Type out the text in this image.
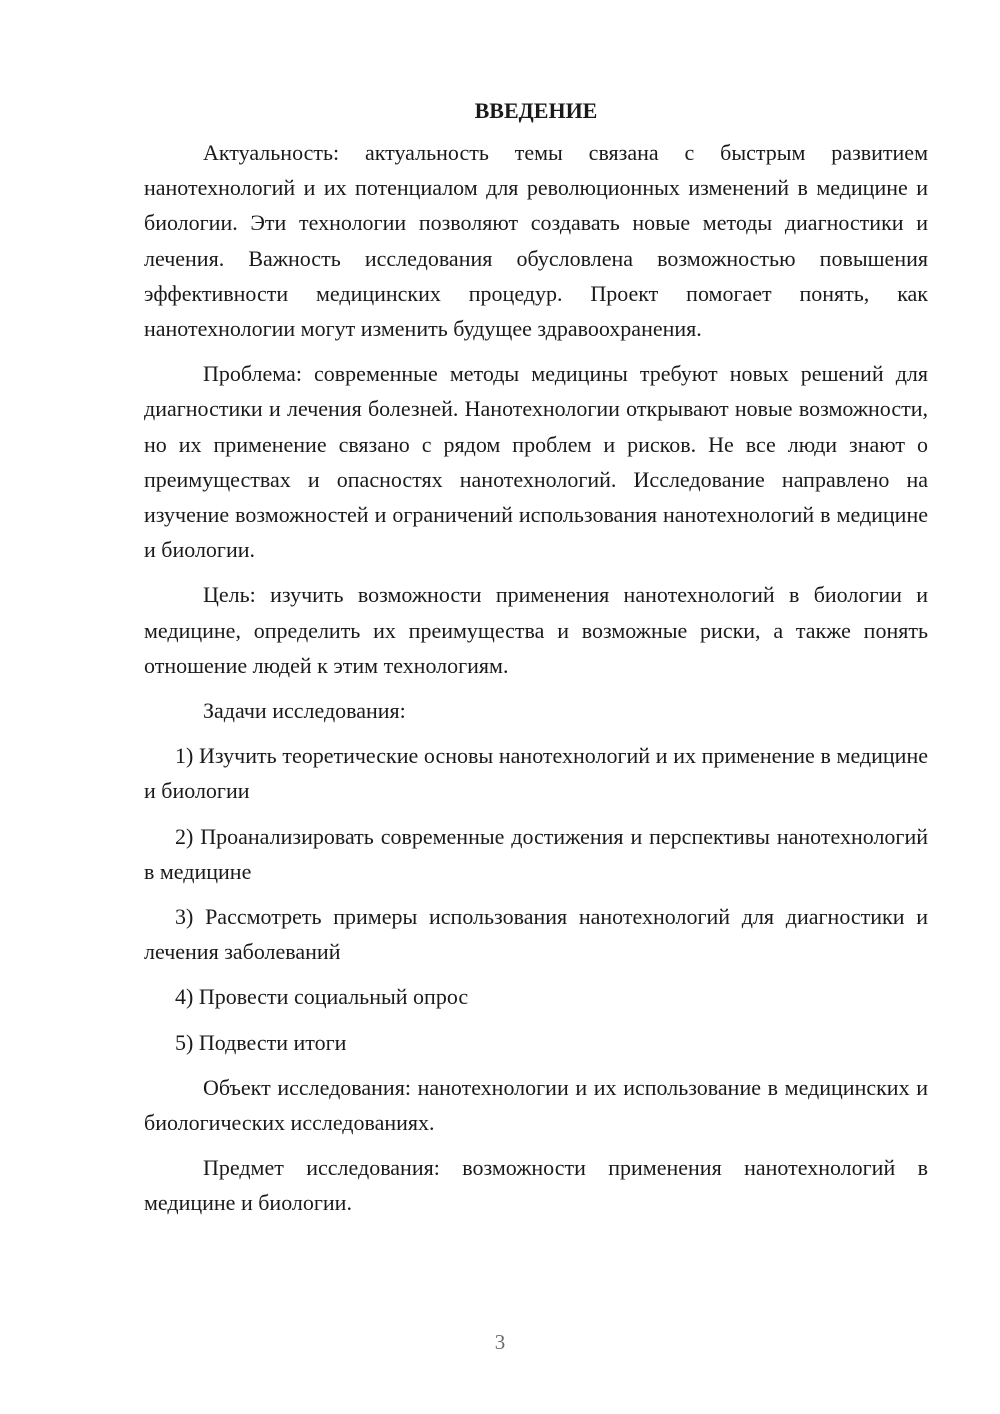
ВВЕДЕНИЕ

Актуальность: актуальность темы связана с быстрым развитием нанотехнологий и их потенциалом для революционных изменений в медицине и биологии. Эти технологии позволяют создавать новые методы диагностики и лечения. Важность исследования обусловлена возможностью повышения эффективности медицинских процедур. Проект помогает понять, как нанотехнологии могут изменить будущее здравоохранения.

Проблема: современные методы медицины требуют новых решений для диагностики и лечения болезней. Нанотехнологии открывают новые возможности, но их применение связано с рядом проблем и рисков. Не все люди знают о преимуществах и опасностях нанотехнологий. Исследование направлено на изучение возможностей и ограничений использования нанотехнологий в медицине и биологии.

Цель: изучить возможности применения нанотехнологий в биологии и медицине, определить их преимущества и возможные риски, а также понять отношение людей к этим технологиям.

Задачи исследования:

1) Изучить теоретические основы нанотехнологий и их применение в медицине и биологии

2) Проанализировать современные достижения и перспективы нанотехнологий в медицине

3) Рассмотреть примеры использования нанотехнологий для диагностики и лечения заболеваний

4) Провести социальный опрос

5) Подвести итоги

Объект исследования: нанотехнологии и их использование в медицинских и биологических исследованиях.

Предмет исследования: возможности применения нанотехнологий в медицине и биологии.

3
